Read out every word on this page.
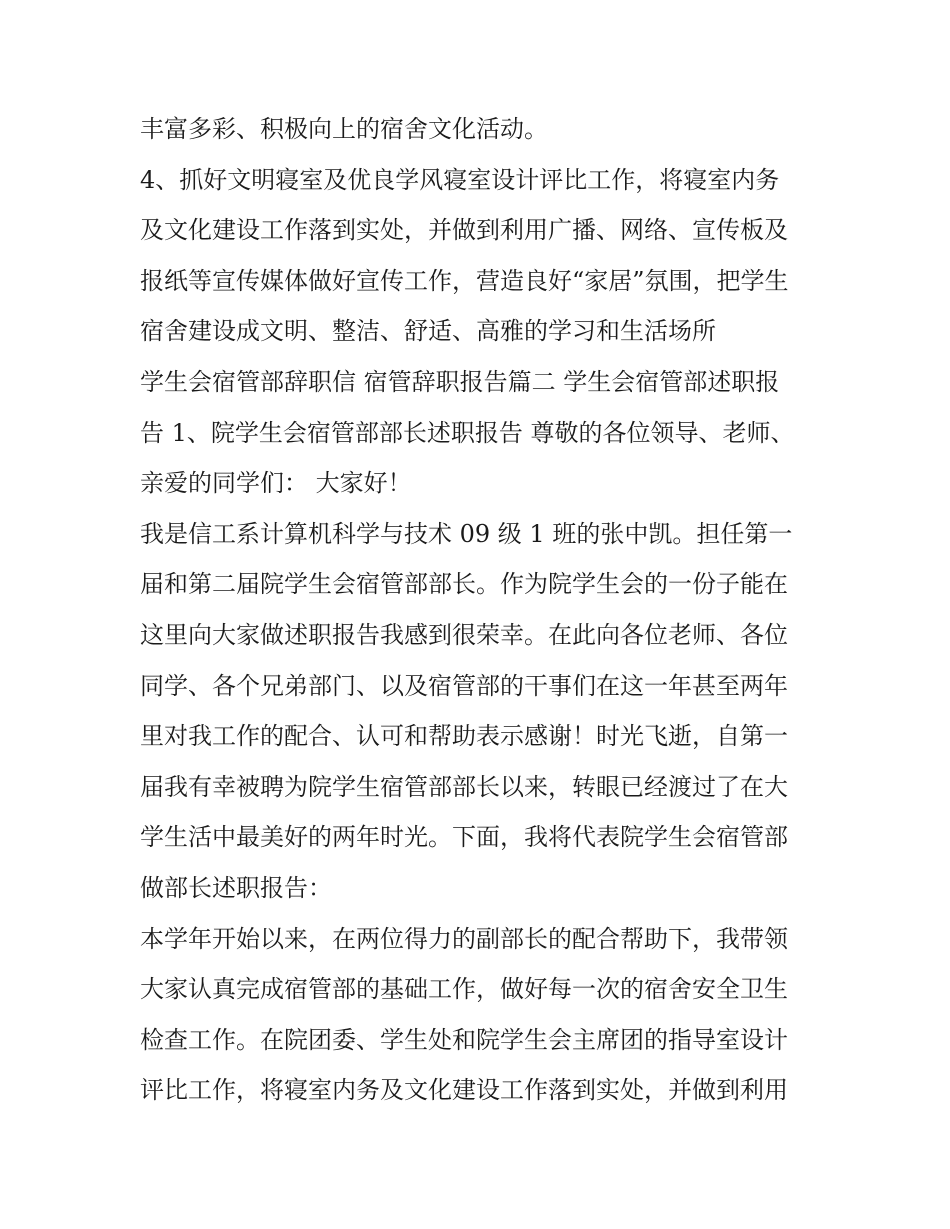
丰富多彩、积极向上的宿舍文化活动。
4、抓好文明寝室及优良学风寝室设计评比工作，将寝室内务
及文化建设工作落到实处，并做到利用广播、网络、宣传板及
报纸等宣传媒体做好宣传工作，营造良好“家居”氛围，把学生
宿舍建设成文明、整洁、舒适、高雅的学习和生活场所
学生会宿管部辞职信 宿管辞职报告篇二 学生会宿管部述职报
告 1、院学生会宿管部部长述职报告 尊敬的各位领导、老师、
亲爱的同学们： 大家好！
我是信工系计算机科学与技术 09 级 1 班的张中凯。担任第一
届和第二届院学生会宿管部部长。作为院学生会的一份子能在
这里向大家做述职报告我感到很荣幸。在此向各位老师、各位
同学、各个兄弟部门、以及宿管部的干事们在这一年甚至两年
里对我工作的配合、认可和帮助表示感谢！时光飞逝，自第一
届我有幸被聘为院学生宿管部部长以来，转眼已经渡过了在大
学生活中最美好的两年时光。下面，我将代表院学生会宿管部
做部长述职报告：
本学年开始以来，在两位得力的副部长的配合帮助下，我带领
大家认真完成宿管部的基础工作，做好每一次的宿舍安全卫生
检查工作。在院团委、学生处和院学生会主席团的指导室设计
评比工作，将寝室内务及文化建设工作落到实处，并做到利用
